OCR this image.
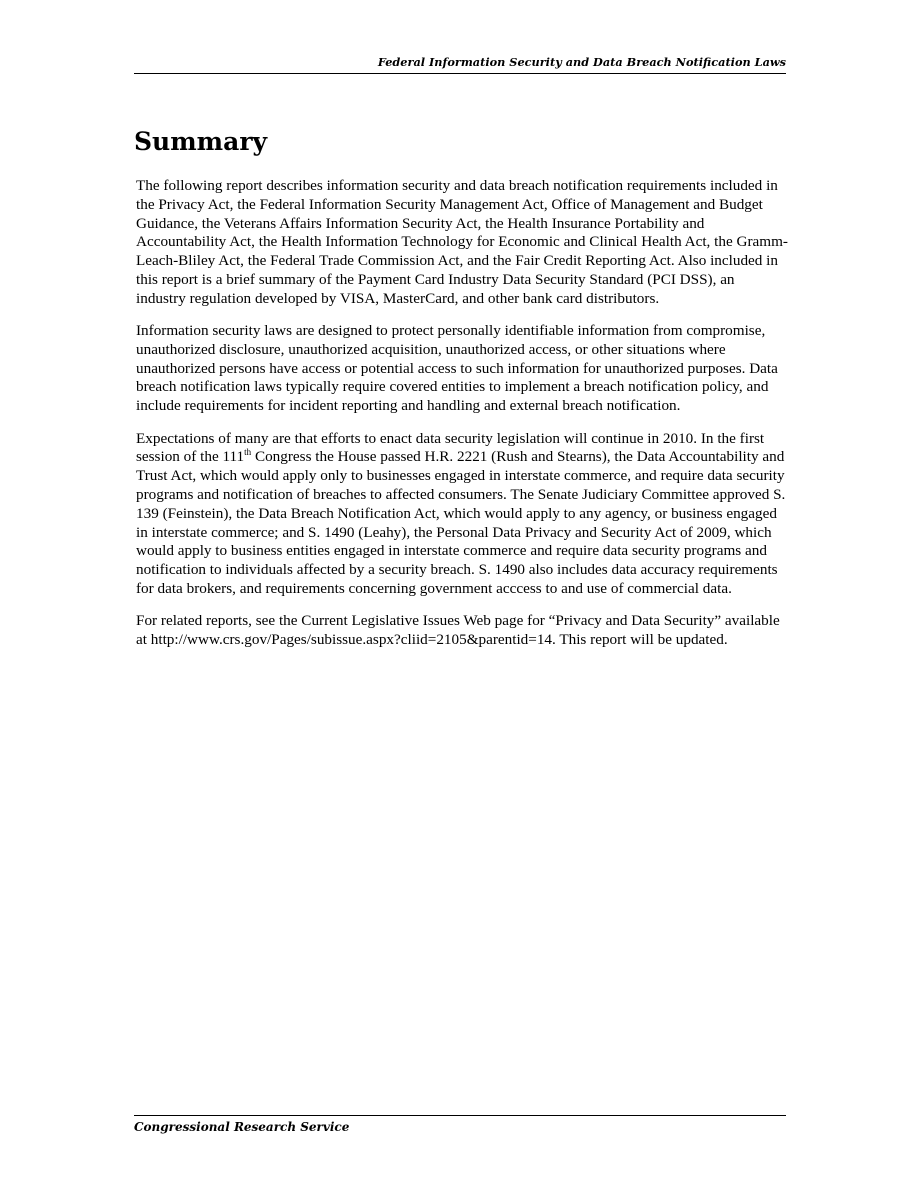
Federal Information Security and Data Breach Notification Laws
Summary

The following report describes information security and data breach notification requirements included in the Privacy Act, the Federal Information Security Management Act, Office of Management and Budget Guidance, the Veterans Affairs Information Security Act, the Health Insurance Portability and Accountability Act, the Health Information Technology for Economic and Clinical Health Act, the Gramm-Leach-Bliley Act, the Federal Trade Commission Act, and the Fair Credit Reporting Act. Also included in this report is a brief summary of the Payment Card Industry Data Security Standard (PCI DSS), an industry regulation developed by VISA, MasterCard, and other bank card distributors.

Information security laws are designed to protect personally identifiable information from compromise, unauthorized disclosure, unauthorized acquisition, unauthorized access, or other situations where unauthorized persons have access or potential access to such information for unauthorized purposes. Data breach notification laws typically require covered entities to implement a breach notification policy, and include requirements for incident reporting and handling and external breach notification.

Expectations of many are that efforts to enact data security legislation will continue in 2010. In the first session of the 111th Congress the House passed H.R. 2221 (Rush and Stearns), the Data Accountability and Trust Act, which would apply only to businesses engaged in interstate commerce, and require data security programs and notification of breaches to affected consumers. The Senate Judiciary Committee approved S. 139 (Feinstein), the Data Breach Notification Act, which would apply to any agency, or business engaged in interstate commerce; and S. 1490 (Leahy), the Personal Data Privacy and Security Act of 2009, which would apply to business entities engaged in interstate commerce and require data security programs and notification to individuals affected by a security breach. S. 1490 also includes data accuracy requirements for data brokers, and requirements concerning government acccess to and use of commercial data.

For related reports, see the Current Legislative Issues Web page for “Privacy and Data Security” available at http://www.crs.gov/Pages/subissue.aspx?cliid=2105&parentid=14. This report will be updated.

Congressional Research Service
